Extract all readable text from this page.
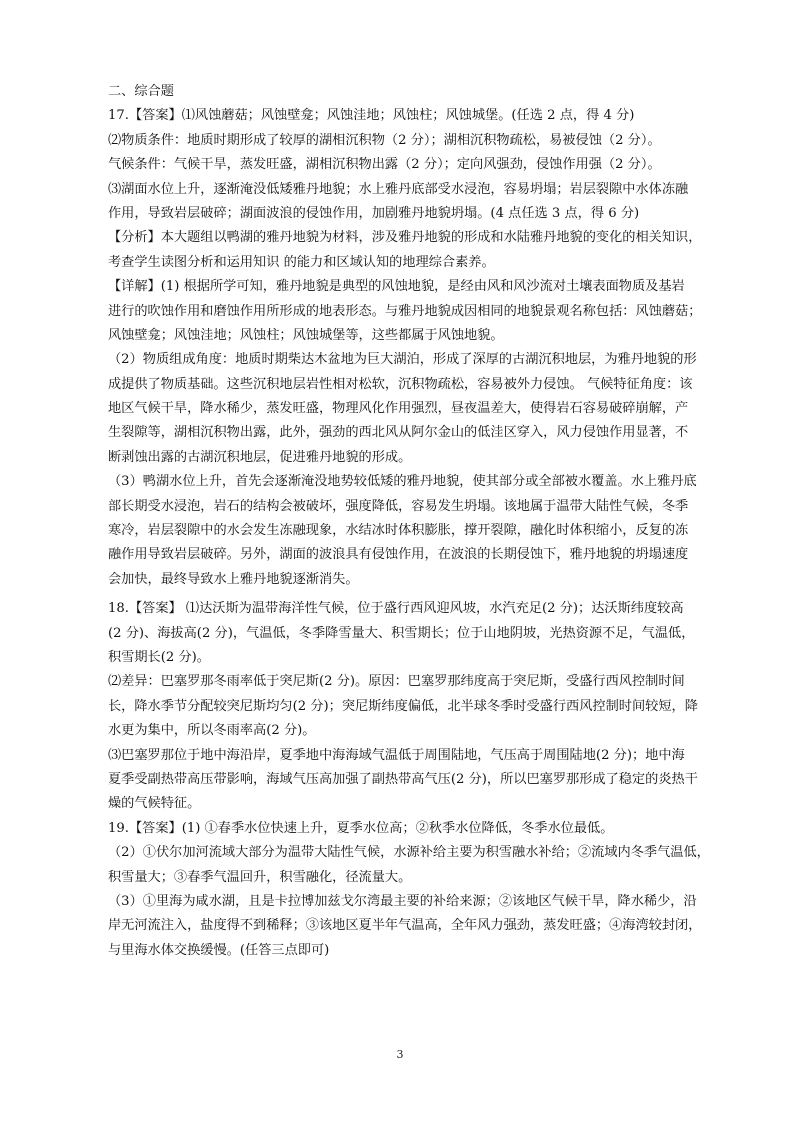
二、综合题
17.【答案】⑴风蚀蘑菇；风蚀壁龛；风蚀洼地；风蚀柱；风蚀城堡。(任选 2 点，得 4 分)
⑵物质条件：地质时期形成了较厚的湖相沉积物（2 分）；湖相沉积物疏松，易被侵蚀（2 分）。
气候条件：气候干旱，蒸发旺盛，湖相沉积物出露（2 分）；定向风强劲，侵蚀作用强（2 分）。
⑶湖面水位上升，逐渐淹没低矮雅丹地貌；水上雅丹底部受水浸泡，容易坍塌；岩层裂隙中水体冻融
作用，导致岩层破碎；湖面波浪的侵蚀作用，加剧雅丹地貌坍塌。(4 点任选 3 点，得 6 分)
【分析】本大题组以鸭湖的雅丹地貌为材料，涉及雅丹地貌的形成和水陆雅丹地貌的变化的相关知识，
考查学生读图分析和运用知识 的能力和区域认知的地理综合素养。
【详解】(1) 根据所学可知，雅丹地貌是典型的风蚀地貌，是经由风和风沙流对土壤表面物质及基岩
进行的吹蚀作用和磨蚀作用所形成的地表形态。与雅丹地貌成因相同的地貌景观名称包括：风蚀蘑菇；
风蚀壁龛；风蚀洼地；风蚀柱；风蚀城堡等，这些都属于风蚀地貌。
（2）物质组成角度：地质时期柴达木盆地为巨大湖泊，形成了深厚的古湖沉积地层，为雅丹地貌的形
成提供了物质基础。这些沉积地层岩性相对松软，沉积物疏松，容易被外力侵蚀。 气候特征角度：该
地区气候干旱，降水稀少，蒸发旺盛，物理风化作用强烈，昼夜温差大，使得岩石容易破碎崩解，产
生裂隙等，湖相沉积物出露，此外，强劲的西北风从阿尔金山的低洼区穿入，风力侵蚀作用显著，不
断剥蚀出露的古湖沉积地层，促进雅丹地貌的形成。
（3）鸭湖水位上升，首先会逐渐淹没地势较低矮的雅丹地貌，使其部分或全部被水覆盖。水上雅丹底
部长期受水浸泡，岩石的结构会被破坏，强度降低，容易发生坍塌。该地属于温带大陆性气候，冬季
寒冷，岩层裂隙中的水会发生冻融现象，水结冰时体积膨胀，撑开裂隙，融化时体积缩小，反复的冻
融作用导致岩层破碎。另外，湖面的波浪具有侵蚀作用，在波浪的长期侵蚀下，雅丹地貌的坍塌速度
会加快，最终导致水上雅丹地貌逐渐消失。
18.【答案】 ⑴达沃斯为温带海洋性气候，位于盛行西风迎风坡，水汽充足(2 分)；达沃斯纬度较高
(2 分)、海拔高(2 分)，气温低，冬季降雪量大、积雪期长；位于山地阴坡，光热资源不足，气温低，
积雪期长(2 分)。
⑵差异：巴塞罗那冬雨率低于突尼斯(2 分)。原因：巴塞罗那纬度高于突尼斯，受盛行西风控制时间
长，降水季节分配较突尼斯均匀(2 分)；突尼斯纬度偏低，北半球冬季时受盛行西风控制时间较短，降
水更为集中，所以冬雨率高(2 分)。
⑶巴塞罗那位于地中海沿岸，夏季地中海海域气温低于周围陆地，气压高于周围陆地(2 分)；地中海
夏季受副热带高压带影响，海域气压高加强了副热带高气压(2 分)，所以巴塞罗那形成了稳定的炎热干
燥的气候特征。
19.【答案】(1) ①春季水位快速上升，夏季水位高；②秋季水位降低，冬季水位最低。
（2）①伏尔加河流域大部分为温带大陆性气候，水源补给主要为积雪融水补给；②流域内冬季气温低，
积雪量大；③春季气温回升，积雪融化，径流量大。
（3）①里海为咸水湖，且是卡拉博加兹戈尔湾最主要的补给来源；②该地区气候干旱，降水稀少，沿
岸无河流注入，盐度得不到稀释；③该地区夏半年气温高，全年风力强劲，蒸发旺盛；④海湾较封闭，
与里海水体交换缓慢。(任答三点即可)
3
